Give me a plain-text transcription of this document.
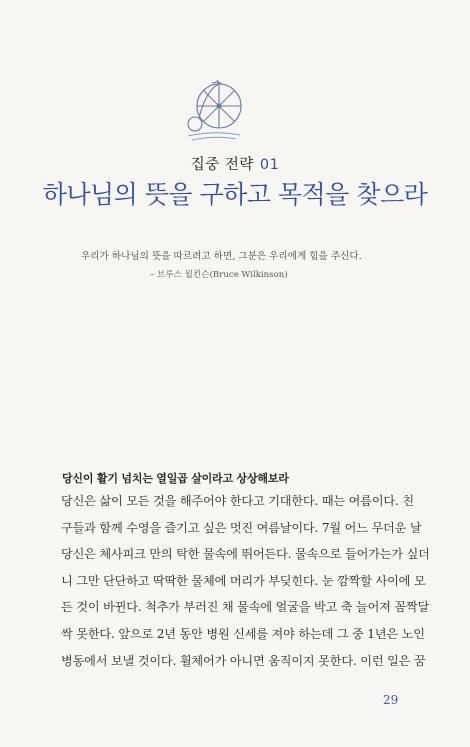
집중 전략 01
하나님의 뜻을 구하고 목적을 찾으라
우리가 하나님의 뜻을 따르려고 하면, 그분은 우리에게 힘을 주신다.
– 브루스 윌킨슨(Bruce Wilkinson)
당신이 활기 넘치는 열일곱 살이라고 상상해보라
당신은 삶이 모든 것을 해주어야 한다고 기대한다. 때는 여름이다. 친
구들과 함께 수영을 즐기고 싶은 멋진 여름날이다. 7월 어느 무더운 날
당신은 체사피크 만의 탁한 물속에 뛰어든다. 물속으로 들어가는가 싶더
니 그만 단단하고 딱딱한 물체에 머리가 부딪힌다. 눈 깜짝할 사이에 모
든 것이 바뀐다. 척추가 부러진 채 물속에 얼굴을 박고 축 늘어져 꼼짝달
싹 못한다. 앞으로 2년 동안 병원 신세를 져야 하는데 그 중 1년은 노인
병동에서 보낼 것이다. 휠체어가 아니면 움직이지 못한다. 이런 일은 꿈
29
